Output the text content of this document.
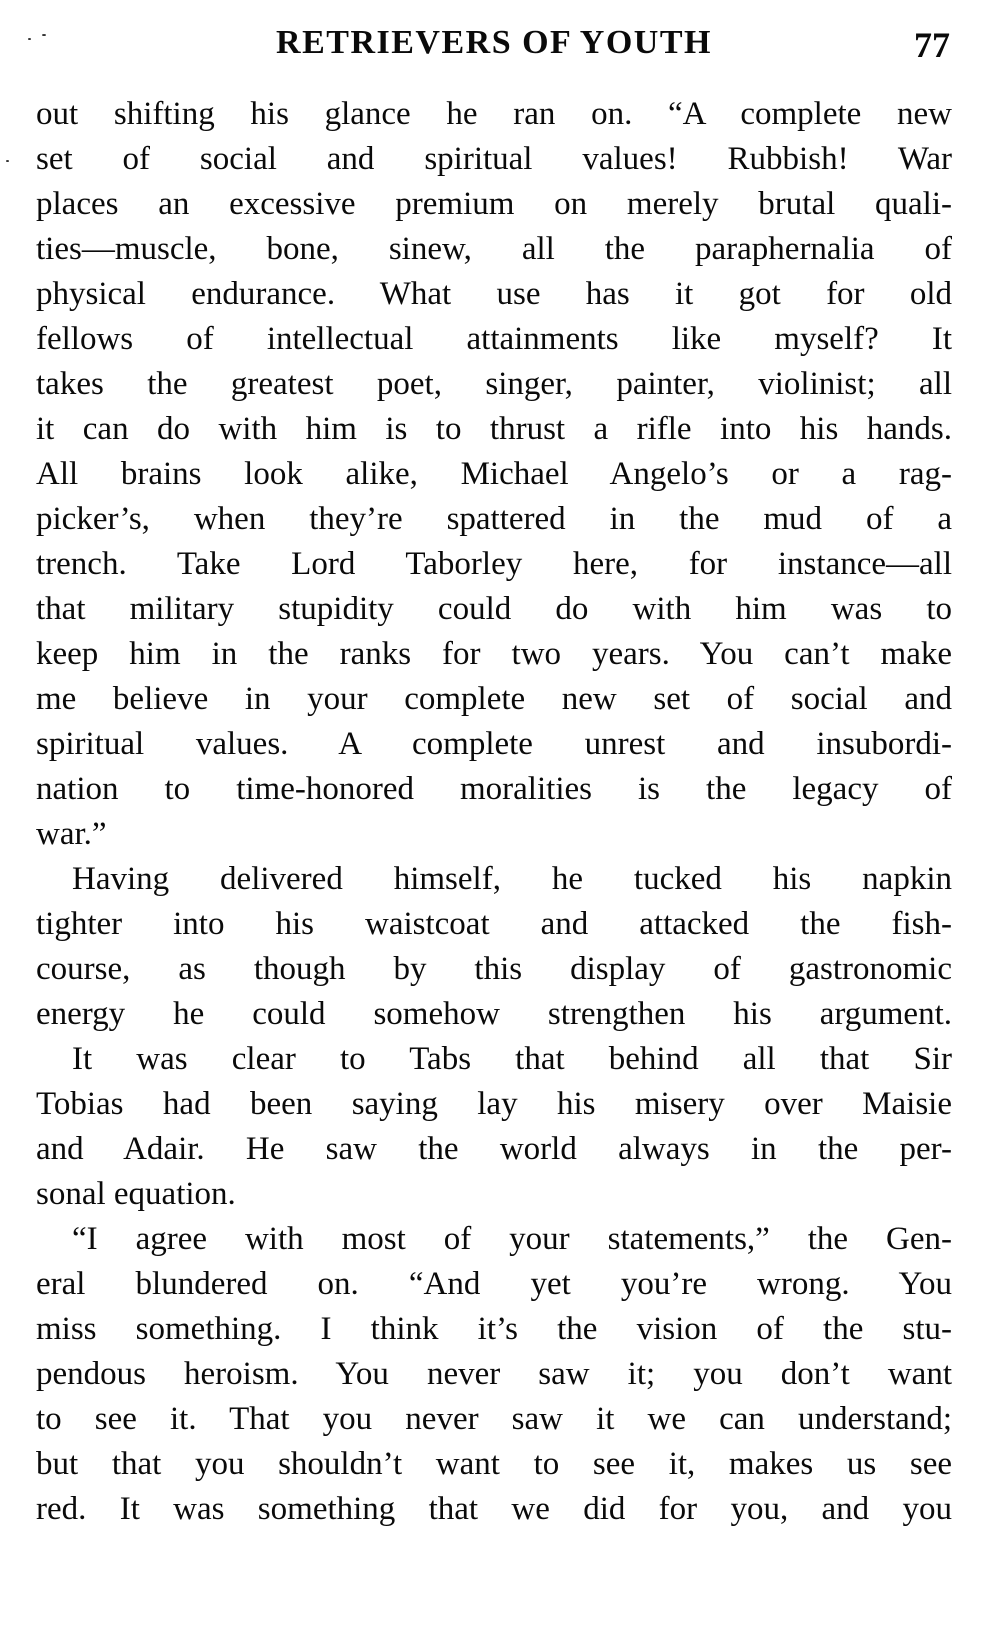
RETRIEVERS OF YOUTH	77
out shifting his glance he ran on. “A complete new
set of social and spiritual values! Rubbish! War
places an excessive premium on merely brutal quali-
ties—muscle, bone, sinew, all the paraphernalia of
physical endurance. What use has it got for old
fellows of intellectual attainments like myself? It
takes the greatest poet, singer, painter, violinist; all
it can do with him is to thrust a rifle into his hands.
All brains look alike, Michael Angelo’s or a rag-
picker’s, when they’re spattered in the mud of a
trench. Take Lord Taborley here, for instance—all
that military stupidity could do with him was to
keep him in the ranks for two years. You can’t make
me believe in your complete new set of social and
spiritual values. A complete unrest and insubordi-
nation to time-honored moralities is the legacy of
war.”
Having delivered himself, he tucked his napkin
tighter into his waistcoat and attacked the fish-
course, as though by this display of gastronomic
energy he could somehow strengthen his argument.
It was clear to Tabs that behind all that Sir
Tobias had been saying lay his misery over Maisie
and Adair. He saw the world always in the per-
sonal equation.
“I agree with most of your statements,” the Gen-
eral blundered on. “And yet you’re wrong. You
miss something. I think it’s the vision of the stu-
pendous heroism. You never saw it; you don’t want
to see it. That you never saw it we can understand;
but that you shouldn’t want to see it, makes us see
red. It was something that we did for you, and you
